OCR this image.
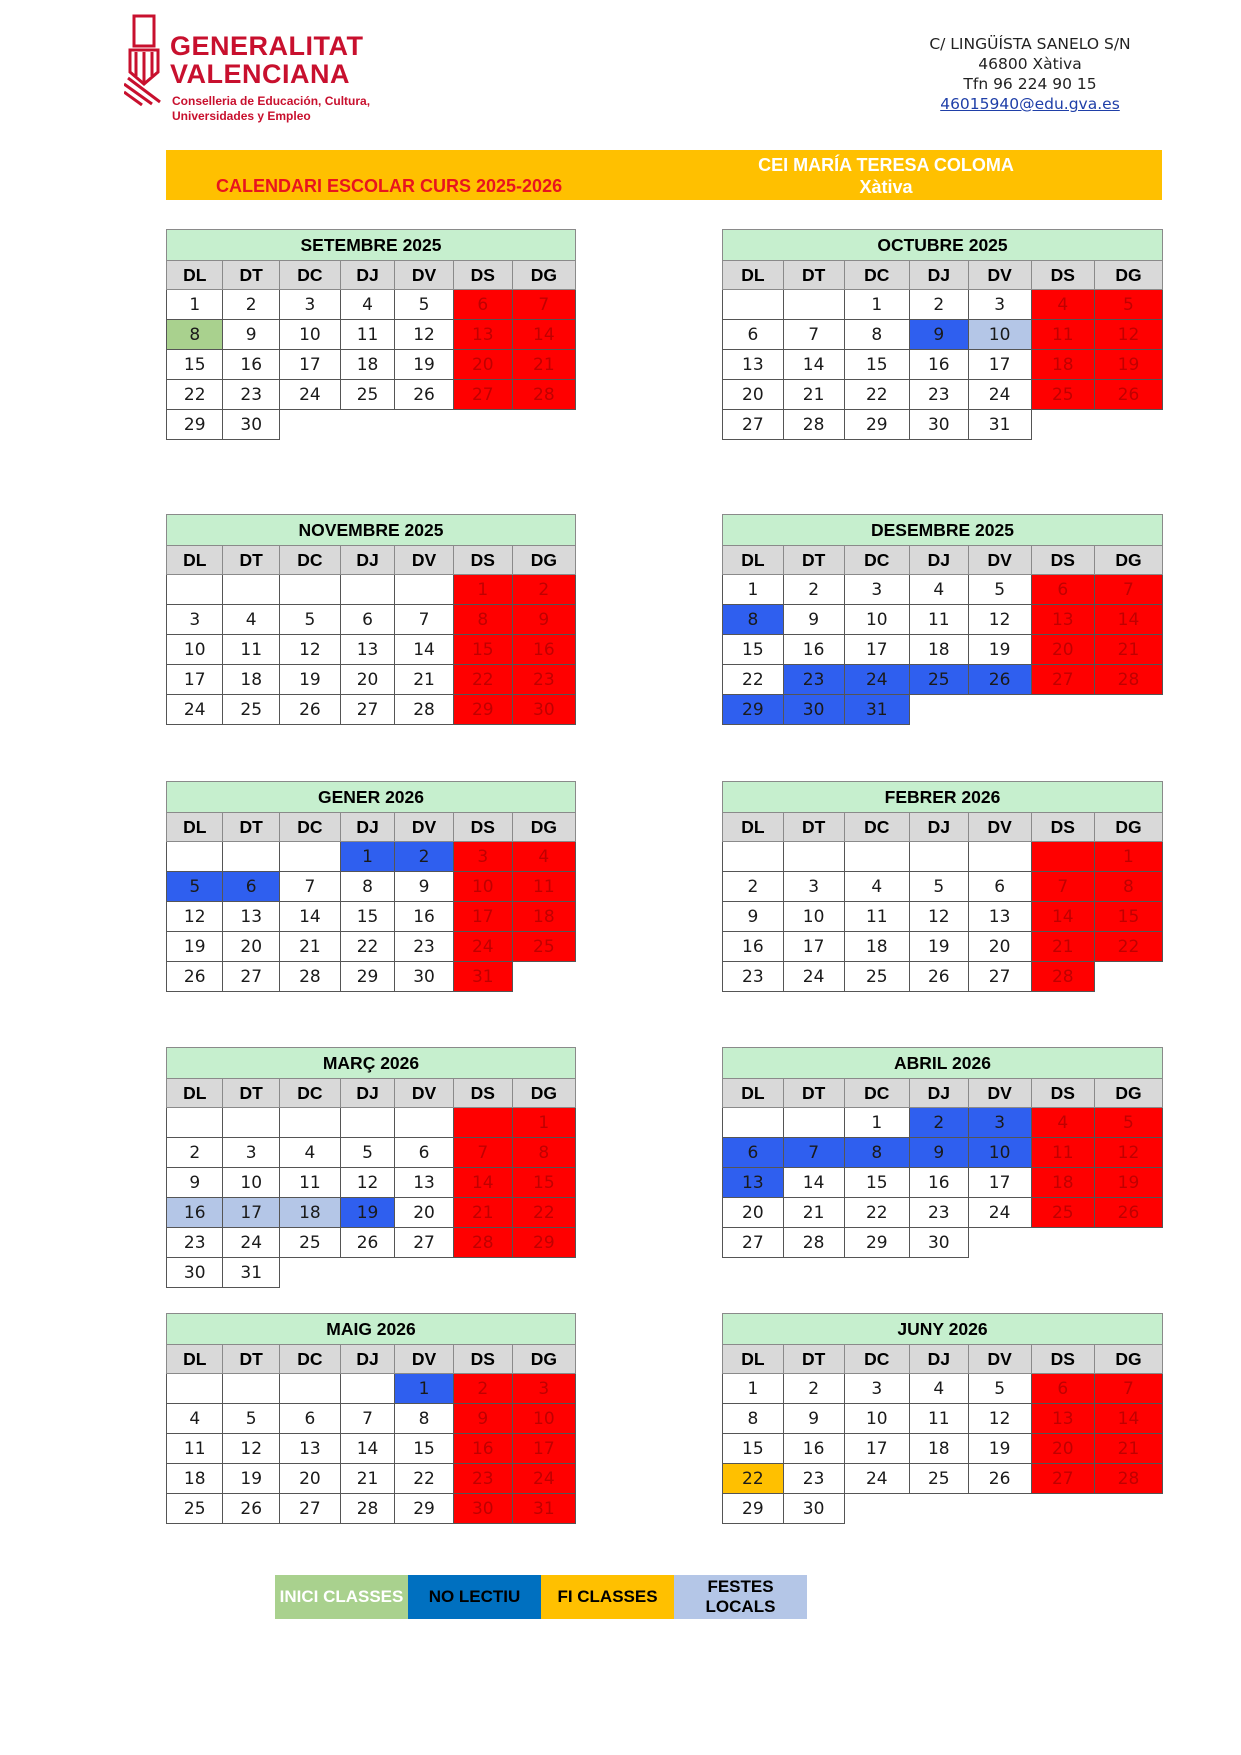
GENERALITAT
VALENCIANA
Conselleria de Educación, Cultura,
Universidades y Empleo
C/ LINGÜÍSTA SANELO S/N
46800 Xàtiva
Tfn 96 224 90 15
46015940@edu.gva.es
CALENDARI ESCOLAR CURS 2025-2026
CEI MARÍA TERESA COLOMA
Xàtiva
SETEMBRE 2025						
DL	DT	DC	DJ	DV	DS	DG
1	2	3	4	5	6	7
8	9	10	11	12	13	14
15	16	17	18	19	20	21
22	23	24	25	26	27	28
29	30					
OCTUBRE 2025						
DL	DT	DC	DJ	DV	DS	DG
		1	2	3	4	5
6	7	8	9	10	11	12
13	14	15	16	17	18	19
20	21	22	23	24	25	26
27	28	29	30	31		
NOVEMBRE 2025						
DL	DT	DC	DJ	DV	DS	DG
					1	2
3	4	5	6	7	8	9
10	11	12	13	14	15	16
17	18	19	20	21	22	23
24	25	26	27	28	29	30
DESEMBRE 2025						
DL	DT	DC	DJ	DV	DS	DG
1	2	3	4	5	6	7
8	9	10	11	12	13	14
15	16	17	18	19	20	21
22	23	24	25	26	27	28
29	30	31				
GENER 2026						
DL	DT	DC	DJ	DV	DS	DG
			1	2	3	4
5	6	7	8	9	10	11
12	13	14	15	16	17	18
19	20	21	22	23	24	25
26	27	28	29	30	31	
FEBRER 2026						
DL	DT	DC	DJ	DV	DS	DG
						1
2	3	4	5	6	7	8
9	10	11	12	13	14	15
16	17	18	19	20	21	22
23	24	25	26	27	28	
MARÇ 2026						
DL	DT	DC	DJ	DV	DS	DG
						1
2	3	4	5	6	7	8
9	10	11	12	13	14	15
16	17	18	19	20	21	22
23	24	25	26	27	28	29
30	31					
ABRIL 2026						
DL	DT	DC	DJ	DV	DS	DG
		1	2	3	4	5
6	7	8	9	10	11	12
13	14	15	16	17	18	19
20	21	22	23	24	25	26
27	28	29	30			
MAIG 2026						
DL	DT	DC	DJ	DV	DS	DG
				1	2	3
4	5	6	7	8	9	10
11	12	13	14	15	16	17
18	19	20	21	22	23	24
25	26	27	28	29	30	31
JUNY 2026						
DL	DT	DC	DJ	DV	DS	DG
1	2	3	4	5	6	7
8	9	10	11	12	13	14
15	16	17	18	19	20	21
22	23	24	25	26	27	28
29	30					
INICI CLASSES	NO LECTIU	FI CLASSES
FESTES LOCALS
